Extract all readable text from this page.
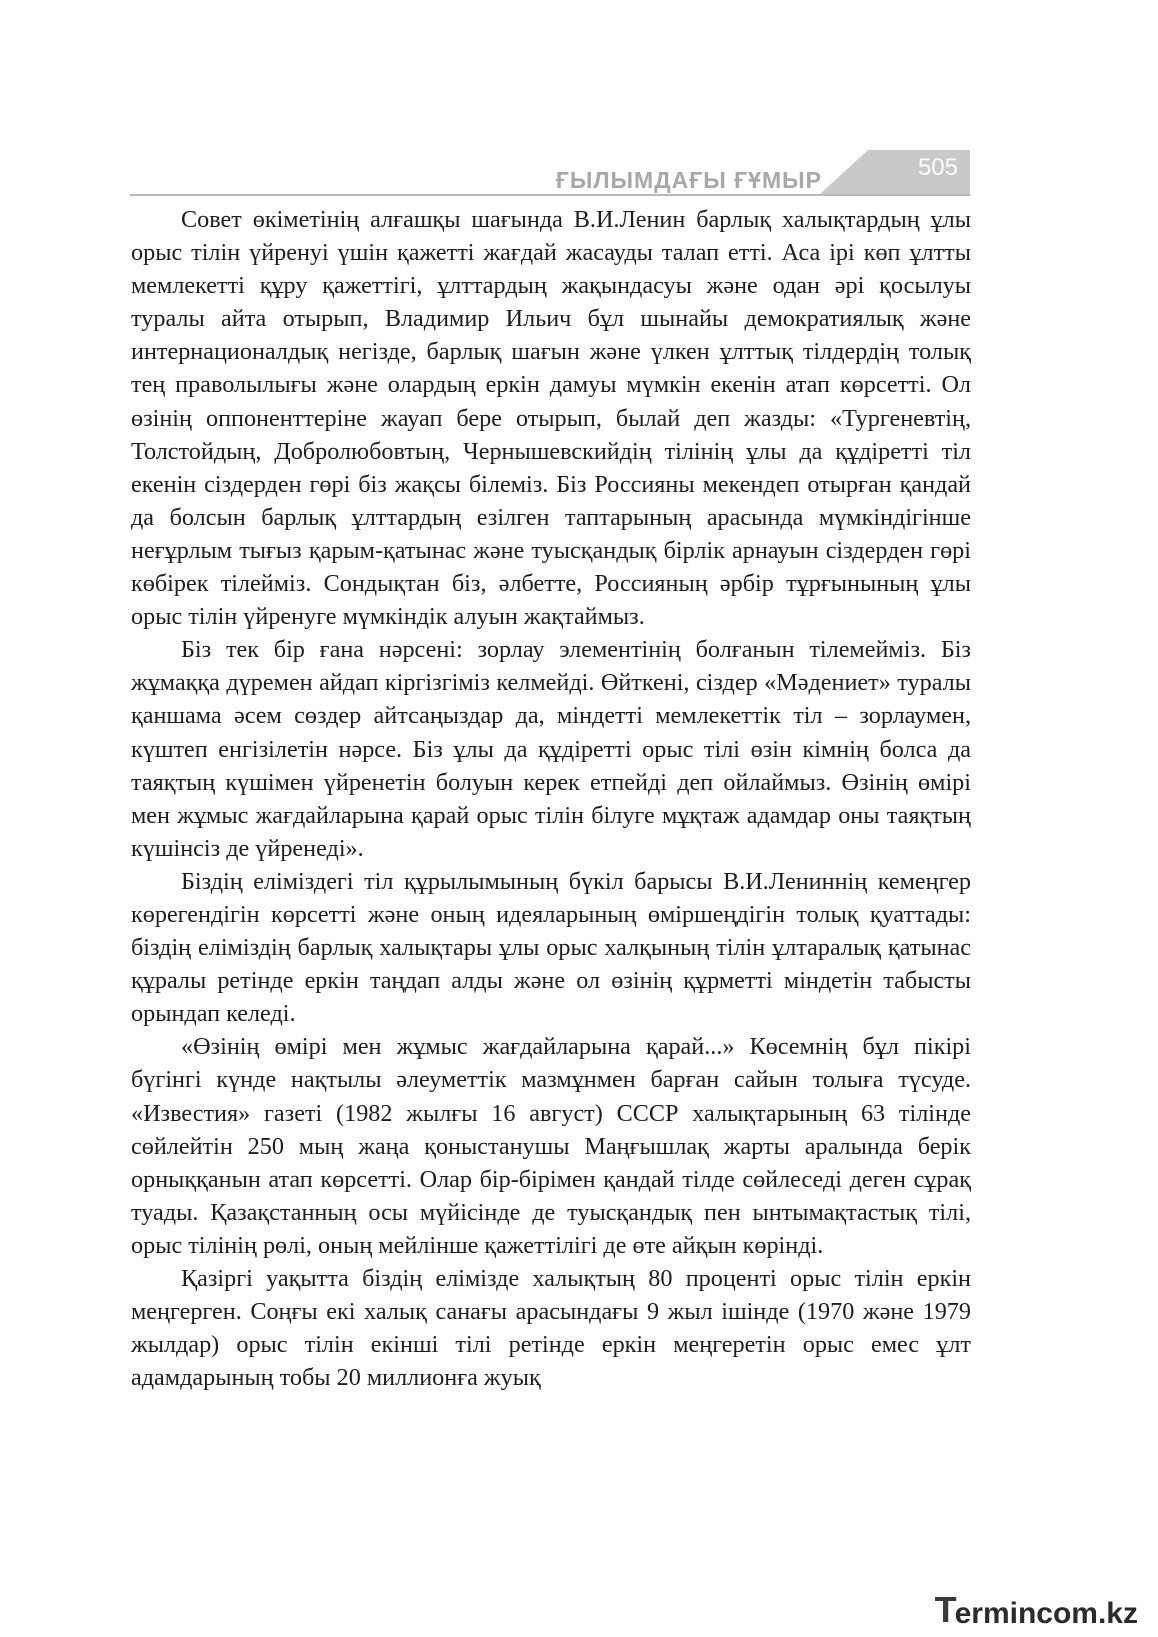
ҒЫЛЫМДАҒЫ ҒҰМЫР	505

Совет өкіметінің алғашқы шағында В.И.Ленин барлық халықтардың ұлы орыс тілін үйренуі үшін қажетті жағдай жасауды талап етті. Аса ірі көп ұлтты мемлекетті құру қажеттігі, ұлттардың жақындасуы және одан әрі қосылуы туралы айта отырып, Владимир Ильич бұл шынайы демократиялық және интернационалдық негізде, барлық шағын және үлкен ұлттық тілдердің толық тең праволылығы және олардың еркін дамуы мүмкін екенін атап көрсетті. Ол өзінің оппоненттеріне жауап бере отырып, былай деп жазды: «Тургеневтің, Толстойдың, Добролюбовтың, Чернышевскийдің тілінің ұлы да құдіретті тіл екенін сіздерден гөрі біз жақсы білеміз. Біз Россияны мекендеп отырған қандай да болсын барлық ұлттардың езілген таптарының арасында мүмкіндігінше неғұрлым тығыз қарым-қатынас және туысқандық бірлік арнауын сіздерден гөрі көбірек тілейміз. Сондықтан біз, әлбетте, Россияның әрбір тұрғынының ұлы орыс тілін үйренуге мүмкіндік алуын жақтаймыз.

Біз тек бір ғана нәрсені: зорлау элементінің болғанын тілемейміз. Біз жұмаққа дүремен айдап кіргізгіміз келмейді. Өйткені, сіздер «Мәдениет» туралы қаншама әсем сөздер айтсаңыздар да, міндетті мемлекеттік тіл – зорлаумен, күштеп енгізілетін нәрсе. Біз ұлы да құдіретті орыс тілі өзін кімнің болса да таяқтың күшімен үйренетін болуын керек етпейді деп ойлаймыз. Өзінің өмірі мен жұмыс жағдайларына қарай орыс тілін білуге мұқтаж адамдар оны таяқтың күшінсіз де үйренеді».

Біздің еліміздегі тіл құрылымының бүкіл барысы В.И.Лениннің кемеңгер көрегендігін көрсетті және оның идеяларының өміршеңдігін толық қуаттады: біздің еліміздің барлық халықтары ұлы орыс халқының тілін ұлтаралық қатынас құралы ретінде еркін таңдап алды және ол өзінің құрметті міндетін табысты орындап келеді.

«Өзінің өмірі мен жұмыс жағдайларына қарай...» Көсемнің бұл пікірі бүгінгі күнде нақтылы әлеуметтік мазмұнмен барған сайын толыға түсуде. «Известия» газеті (1982 жылғы 16 август) СССР халықтарының 63 тілінде сөйлейтін 250 мың жаңа қоныстанушы Маңғышлақ жарты аралында берік орныққанын атап көрсетті. Олар бір-бірімен қандай тілде сөйлеседі деген сұрақ туады. Қазақстанның осы мүйісінде де туысқандық пен ынтымақтастық тілі, орыс тілінің рөлі, оның мейлінше қажеттілігі де өте айқын көрінді.

Қазіргі уақытта біздің елімізде халықтың 80 проценті орыс тілін еркін меңгерген. Соңғы екі халық санағы арасындағы 9 жыл ішінде (1970 және 1979 жылдар) орыс тілін екінші тілі ретінде еркін меңгеретін орыс емес ұлт адамдарының тобы 20 миллионға жуық

T
ermincom.kz
